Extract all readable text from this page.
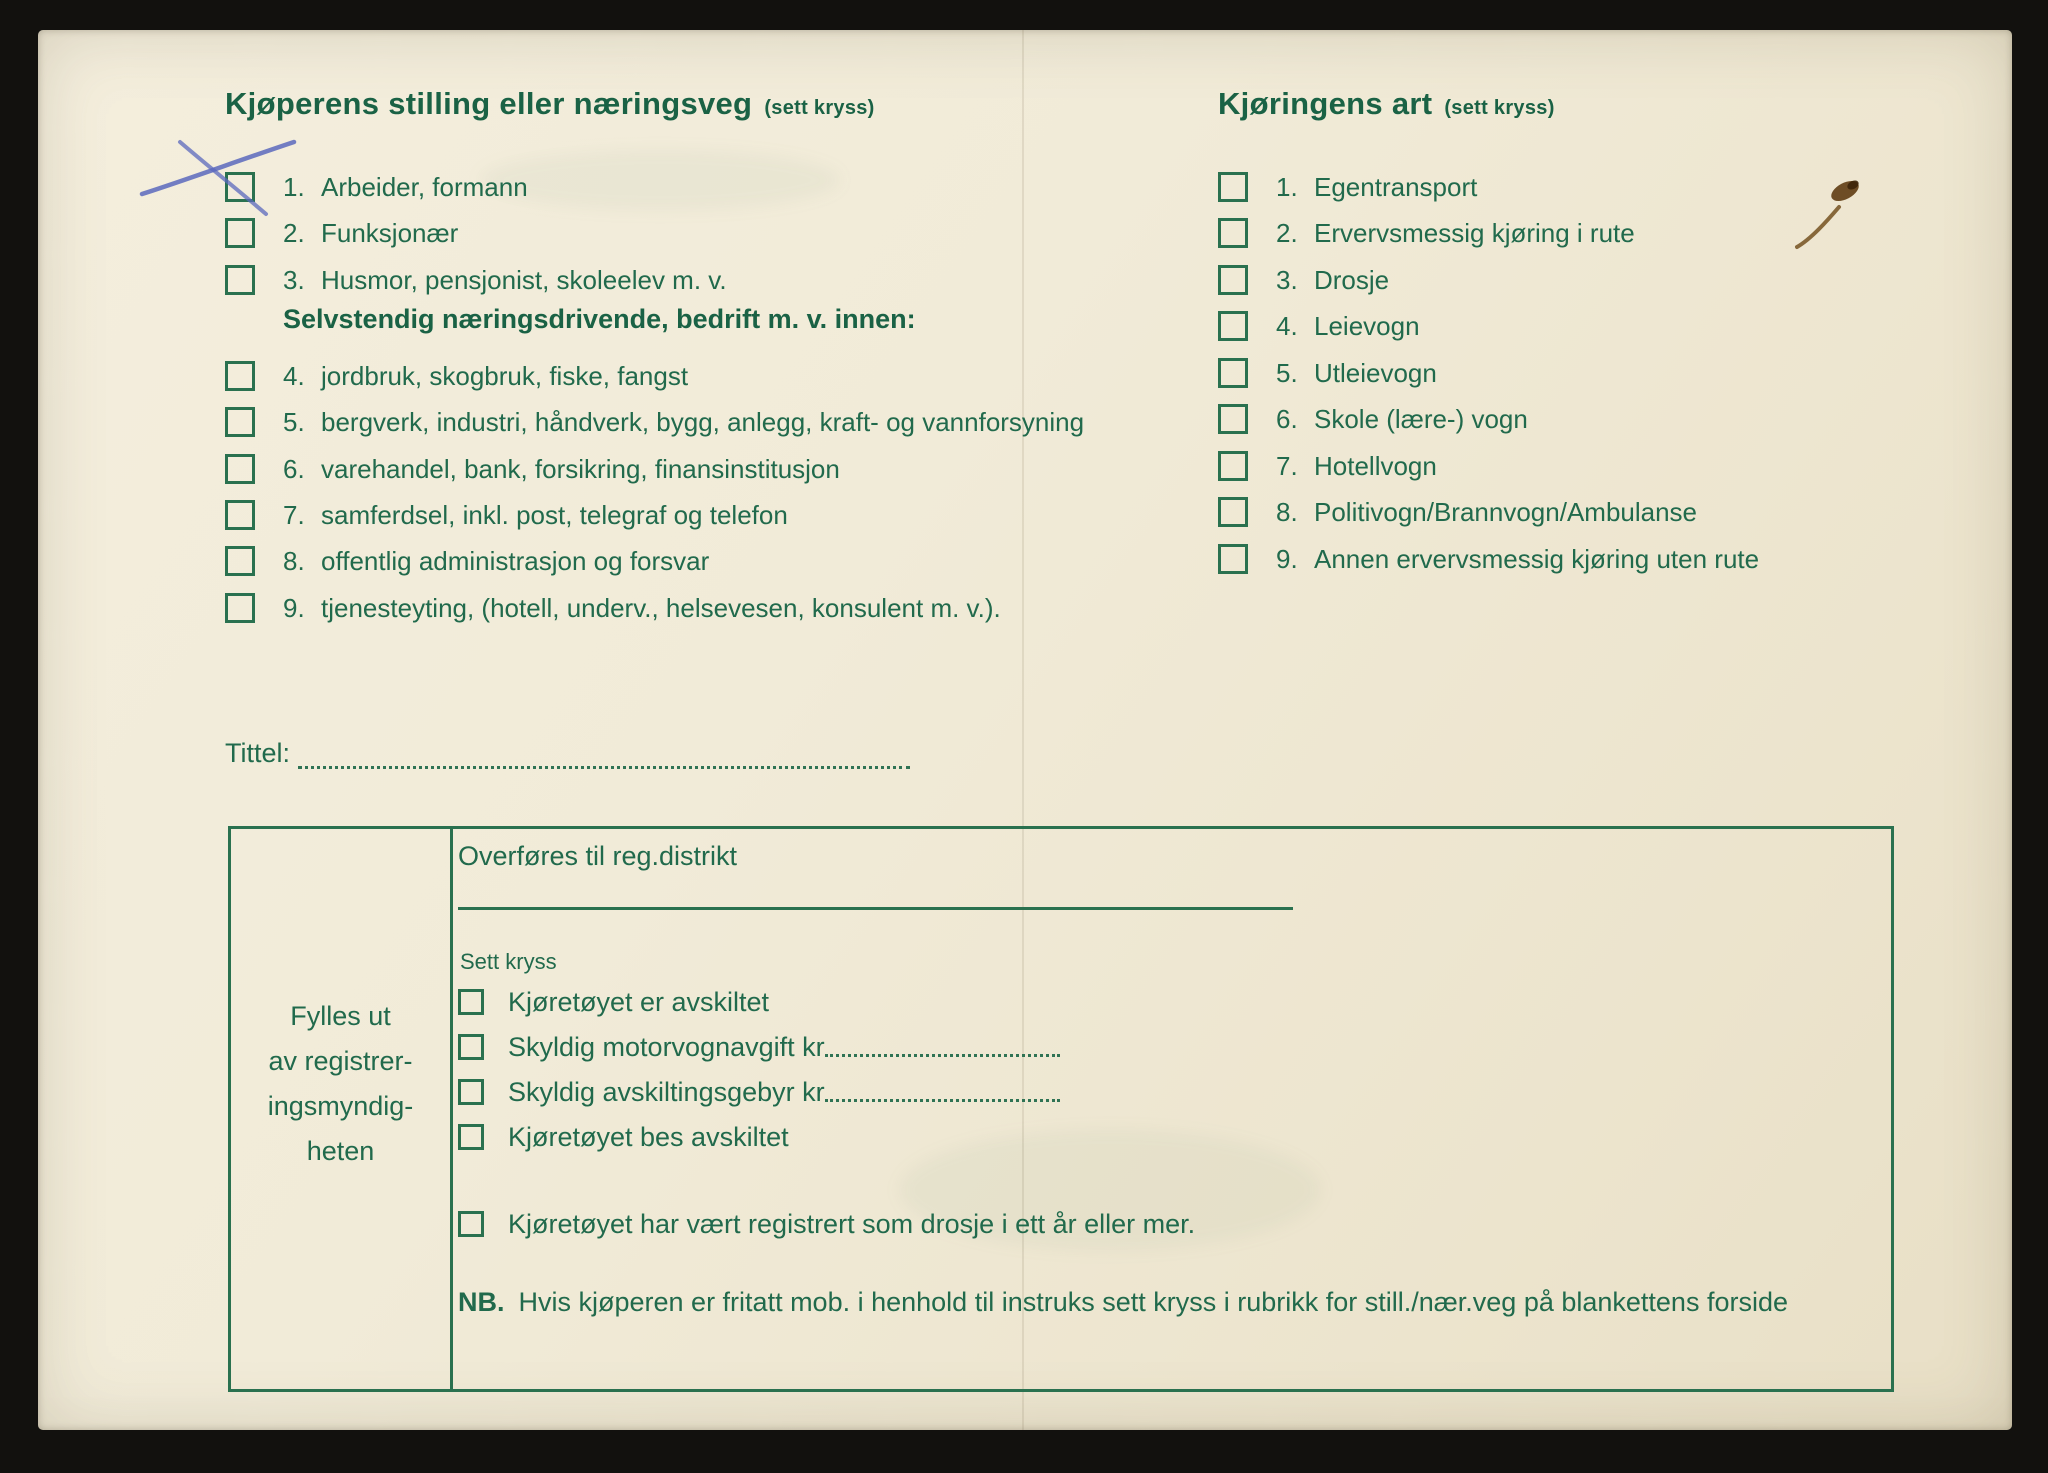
Kjøperens stilling eller næringsveg (sett kryss)	Kjøringens art (sett kryss)
1. Arbeider, formann
2. Funksjonær
3. Husmor, pensjonist, skoleelev m. v.
Selvstendig næringsdrivende, bedrift m. v. innen:
4. jordbruk, skogbruk, fiske, fangst
5. bergverk, industri, håndverk, bygg, anlegg, kraft- og vannforsyning
6. varehandel, bank, forsikring, finansinstitusjon
7. samferdsel, inkl. post, telegraf og telefon
8. offentlig administrasjon og forsvar
9. tjenesteyting, (hotell, underv., helsevesen, konsulent m. v.).
1. Egentransport
2. Ervervsmessig kjøring i rute
3. Drosje
4. Leievogn
5. Utleievogn
6. Skole (lære-) vogn
7. Hotellvogn
8. Politivogn/Brannvogn/Ambulanse
9. Annen ervervsmessig kjøring uten rute
Tittel:
Fylles ut
av registrer-
ingsmyndig-
heten
Overføres til reg.distrikt
Sett kryss
Kjøretøyet er avskiltet
Skyldig motorvognavgift kr
Skyldig avskiltingsgebyr kr
Kjøretøyet bes avskiltet
Kjøretøyet har vært registrert som drosje i ett år eller mer.
NB. Hvis kjøperen er fritatt mob. i henhold til instruks sett kryss i rubrikk for still./nær.veg på blankettens forside
